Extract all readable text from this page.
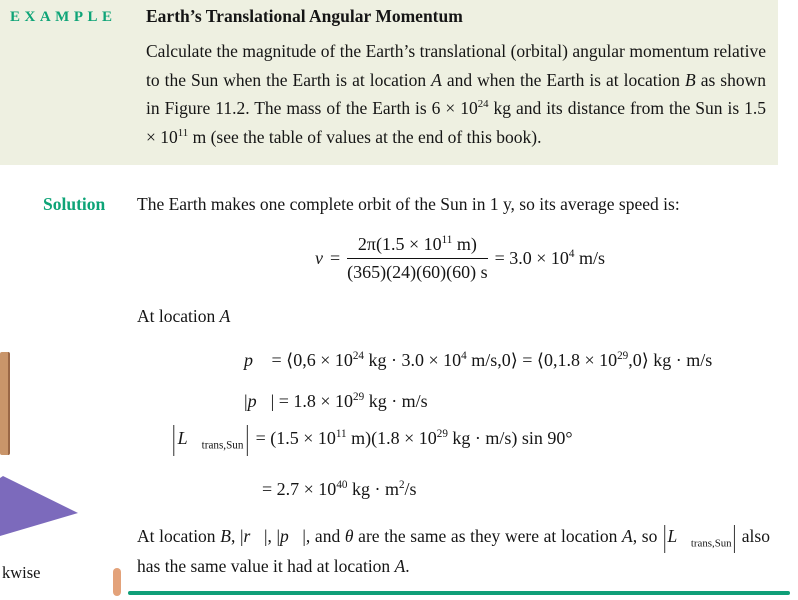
EXAMPLE Earth’s Translational Angular Momentum

Calculate the magnitude of the Earth’s translational (orbital) angular momentum relative to the Sun when the Earth is at location A and when the Earth is at location B as shown in Figure 11.2. The mass of the Earth is $6 \times 10^{24}$ kg and its distance from the Sun is $1.5 \times 10^{11}$ m (see the table of values at the end of this book).

Solution The Earth makes one complete orbit of the Sun in 1 y, so its average speed is:
$v = \frac{2\pi(1.5 \times 10^{11} m)}{(365)(24)(60)(60) s} = 3.0 \times 10^4$ m/s
At location A
p⃗ = ⟨0,6 × $10^{24}$ kg · $3.0 \times 10^4$ m/s,0⟩ = ⟨0,1.8 × $10^{29},0⟩$ kg · m/s
|p⃗| = $1.8 \times 10^{29}$ kg · m/s
| $L⃗_{trans,Sun}$ | = ($1.5 \times 10^{11}$ $m)(1.8 \times 10^{29}$ kg · m/s) sin 90°
= $2.7 \times 10^{40}$ kg · $m^2/s$

At location B, |r⃗|, |p⃗|, and θ are the same as they were at location A, so $|L⃗_{trans,Sun}|$ also has the same value it had at location A.

kwise
